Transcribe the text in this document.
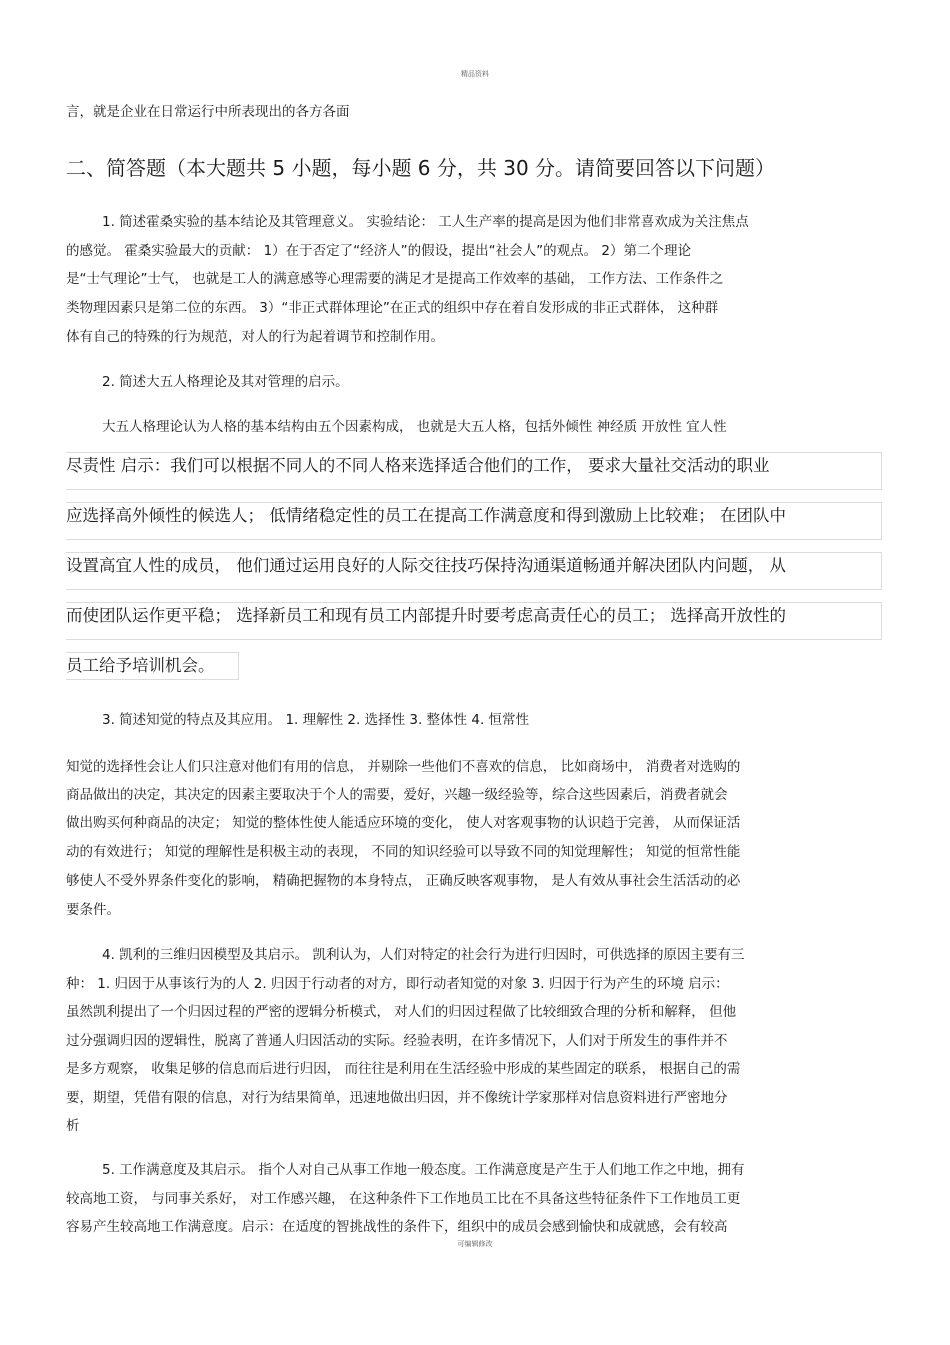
精品资料

言，就是企业在日常运行中所表现出的各方各面

二、简答题（本大题共 5 小题，每小题 6 分，共 30 分。请简要回答以下问题）

1. 简述霍桑实验的基本结论及其管理意义。 实验结论： 工人生产率的提高是因为他们非常喜欢成为关注焦点

的感觉。 霍桑实验最大的贡献： 1）在于否定了“经济人”的假设，提出“社会人”的观点。 2）第二个理论

是“士气理论”士气， 也就是工人的满意感等心理需要的满足才是提高工作效率的基础， 工作方法、工作条件之

类物理因素只是第二位的东西。 3）“非正式群体理论”在正式的组织中存在着自发形成的非正式群体， 这种群

体有自己的特殊的行为规范，对人的行为起着调节和控制作用。

2. 简述大五人格理论及其对管理的启示。

大五人格理论认为人格的基本结构由五个因素构成， 也就是大五人格，包括外倾性 神经质 开放性 宜人性

尽责性 启示：我们可以根据不同人的不同人格来选择适合他们的工作， 要求大量社交活动的职业

应选择高外倾性的候选人； 低情绪稳定性的员工在提高工作满意度和得到激励上比较难； 在团队中

设置高宜人性的成员， 他们通过运用良好的人际交往技巧保持沟通渠道畅通并解决团队内问题， 从

而使团队运作更平稳； 选择新员工和现有员工内部提升时要考虑高责任心的员工； 选择高开放性的

员工给予培训机会。

3. 简述知觉的特点及其应用。 1. 理解性 2. 选择性 3. 整体性 4. 恒常性

知觉的选择性会让人们只注意对他们有用的信息， 并剔除一些他们不喜欢的信息， 比如商场中， 消费者对选购的

商品做出的决定，其决定的因素主要取决于个人的需要，爱好，兴趣一级经验等，综合这些因素后，消费者就会

做出购买何种商品的决定； 知觉的整体性使人能适应环境的变化， 使人对客观事物的认识趋于完善， 从而保证活

动的有效进行； 知觉的理解性是积极主动的表现， 不同的知识经验可以导致不同的知觉理解性； 知觉的恒常性能

够使人不受外界条件变化的影响， 精确把握物的本身特点， 正确反映客观事物， 是人有效从事社会生活活动的必

要条件。

4. 凯利的三维归因模型及其启示。 凯利认为，人们对特定的社会行为进行归因时，可供选择的原因主要有三

种： 1. 归因于从事该行为的人 2. 归因于行动者的对方，即行动者知觉的对象 3. 归因于行为产生的环境 启示：

虽然凯利提出了一个归因过程的严密的逻辑分析模式， 对人们的归因过程做了比较细致合理的分析和解释， 但他

过分强调归因的逻辑性，脱离了普通人归因活动的实际。经验表明，在许多情况下，人们对于所发生的事件并不

是多方观察， 收集足够的信息而后进行归因， 而往往是利用在生活经验中形成的某些固定的联系， 根据自己的需

要，期望，凭借有限的信息，对行为结果简单，迅速地做出归因，并不像统计学家那样对信息资料进行严密地分

析

5. 工作满意度及其启示。 指个人对自己从事工作地一般态度。工作满意度是产生于人们地工作之中地，拥有

较高地工资， 与同事关系好， 对工作感兴趣， 在这种条件下工作地员工比在不具备这些特征条件下工作地员工更

容易产生较高地工作满意度。启示：在适度的智挑战性的条件下，组织中的成员会感到愉快和成就感，会有较高

可编辑修改
